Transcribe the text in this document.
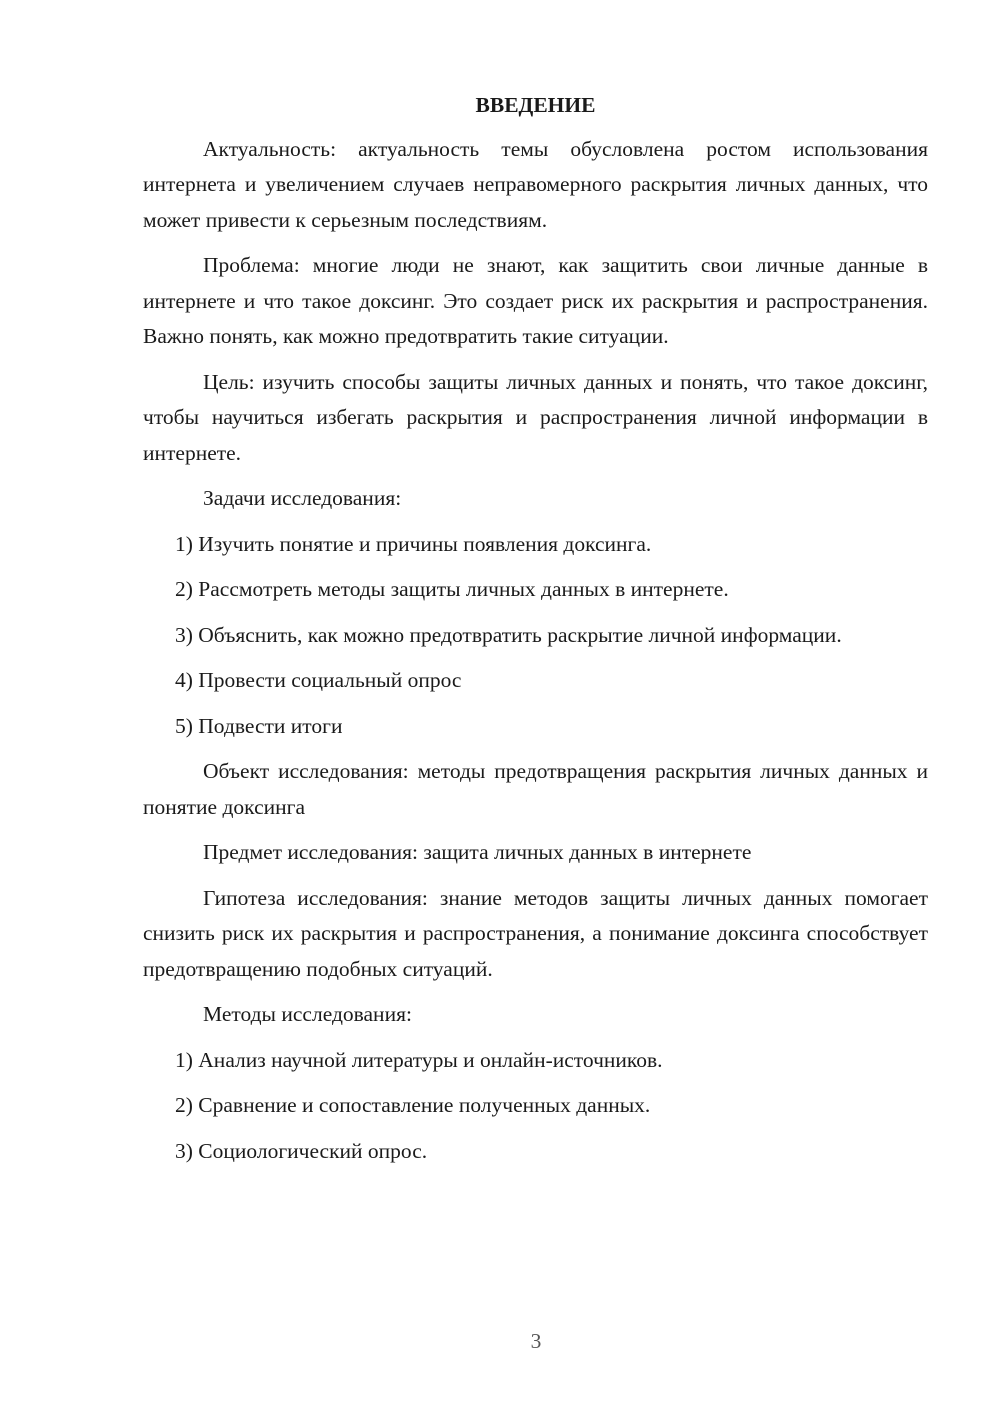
ВВЕДЕНИЕ

Актуальность: актуальность темы обусловлена ростом использования интернета и увеличением случаев неправомерного раскрытия личных данных, что может привести к серьезным последствиям.

Проблема: многие люди не знают, как защитить свои личные данные в интернете и что такое доксинг. Это создает риск их раскрытия и распространения. Важно понять, как можно предотвратить такие ситуации.

Цель: изучить способы защиты личных данных и понять, что такое доксинг, чтобы научиться избегать раскрытия и распространения личной информации в интернете.

Задачи исследования:

1) Изучить понятие и причины появления доксинга.

2) Рассмотреть методы защиты личных данных в интернете.

3) Объяснить, как можно предотвратить раскрытие личной информации.

4) Провести социальный опрос

5) Подвести итоги

Объект исследования: методы предотвращения раскрытия личных данных и понятие доксинга

Предмет исследования: защита личных данных в интернете

Гипотеза исследования: знание методов защиты личных данных помогает снизить риск их раскрытия и распространения, а понимание доксинга способствует предотвращению подобных ситуаций.

Методы исследования:

1) Анализ научной литературы и онлайн-источников.

2) Сравнение и сопоставление полученных данных.

3) Социологический опрос.

3
